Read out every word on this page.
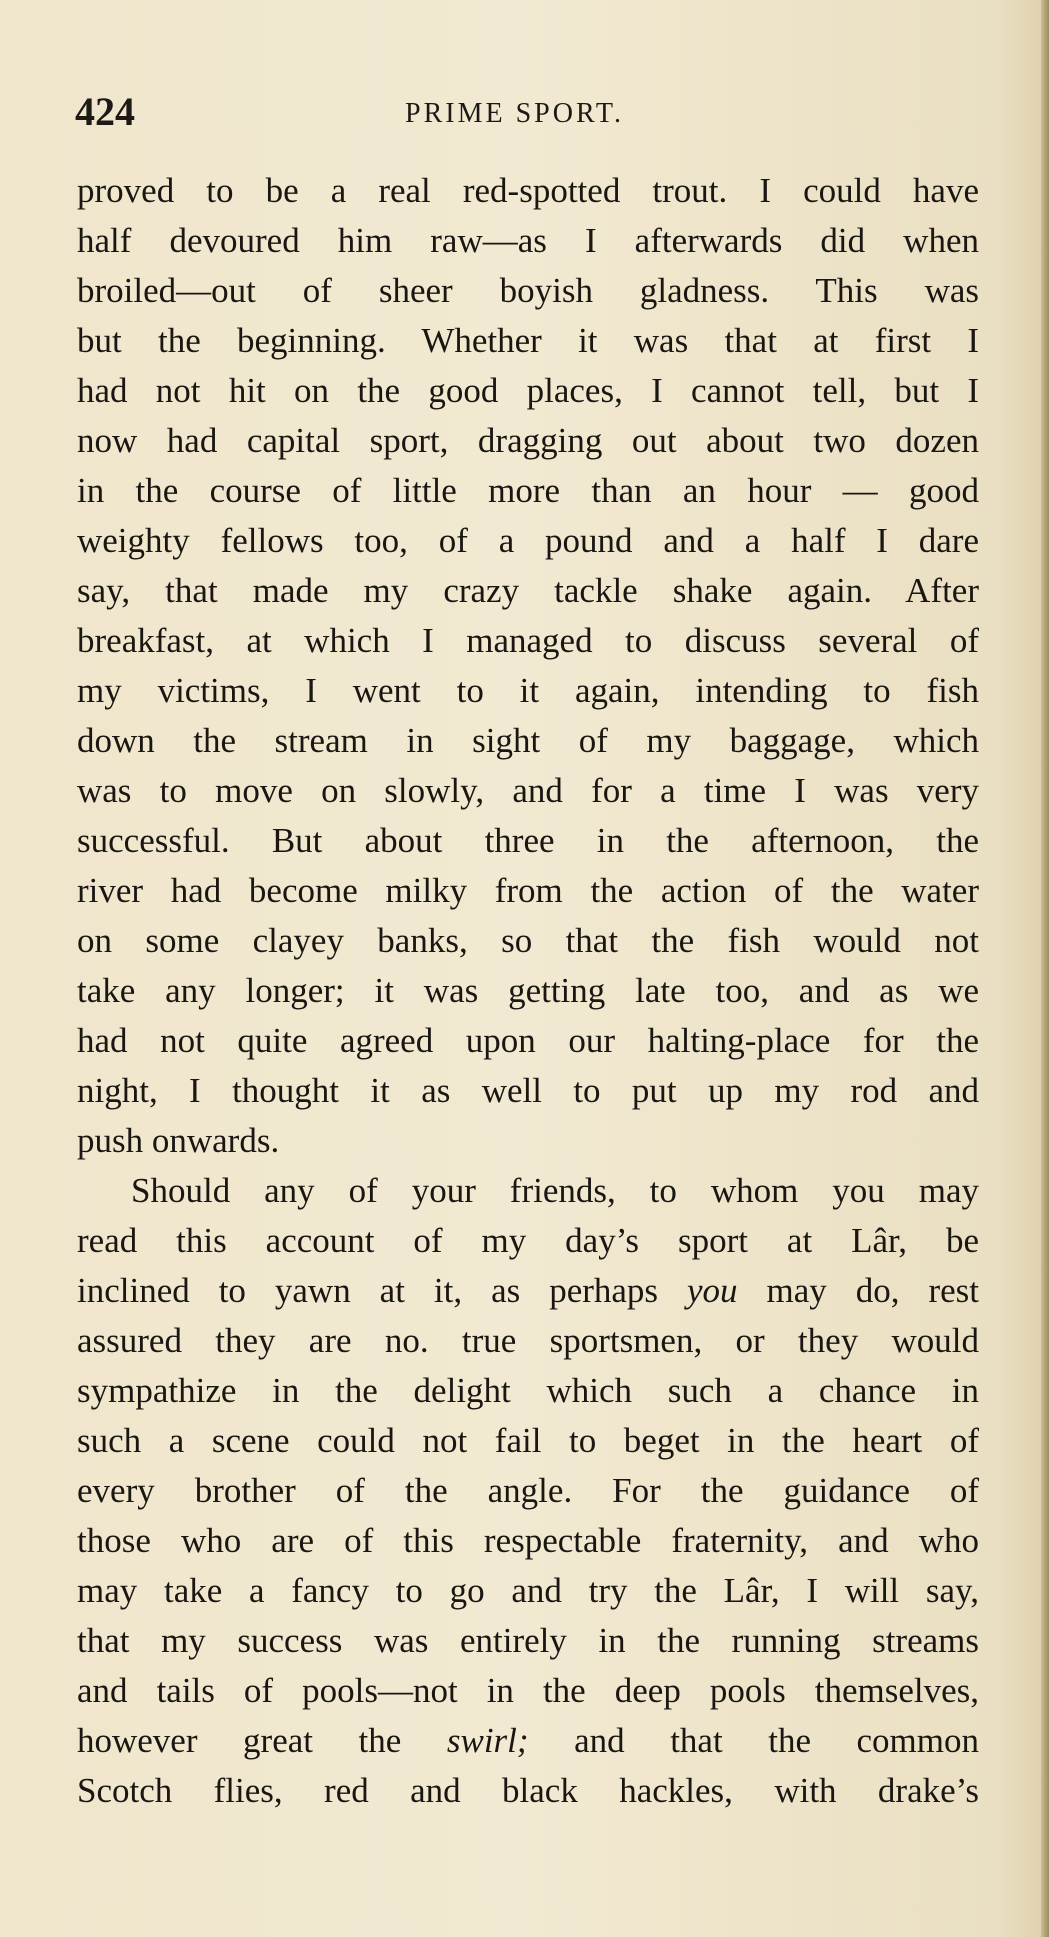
424	PRIME SPORT.
proved to be a real red-spotted trout. I could have
half devoured him raw—as I afterwards did when
broiled—out of sheer boyish gladness. This was
but the beginning. Whether it was that at first I
had not hit on the good places, I cannot tell, but I
now had capital sport, dragging out about two dozen
in the course of little more than an hour — good
weighty fellows too, of a pound and a half I dare
say, that made my crazy tackle shake again. After
breakfast, at which I managed to discuss several of
my victims, I went to it again, intending to fish
down the stream in sight of my baggage, which
was to move on slowly, and for a time I was very
successful. But about three in the afternoon, the
river had become milky from the action of the water
on some clayey banks, so that the fish would not
take any longer; it was getting late too, and as we
had not quite agreed upon our halting-place for the
night, I thought it as well to put up my rod and
push onwards.
Should any of your friends, to whom you may
read this account of my day’s sport at Lâr, be
inclined to yawn at it, as perhaps you may do, rest
assured they are no. true sportsmen, or they would
sympathize in the delight which such a chance in
such a scene could not fail to beget in the heart of
every brother of the angle. For the guidance of
those who are of this respectable fraternity, and who
may take a fancy to go and try the Lâr, I will say,
that my success was entirely in the running streams
and tails of pools—not in the deep pools themselves,
however great the swirl; and that the common
Scotch flies, red and black hackles, with drake’s
